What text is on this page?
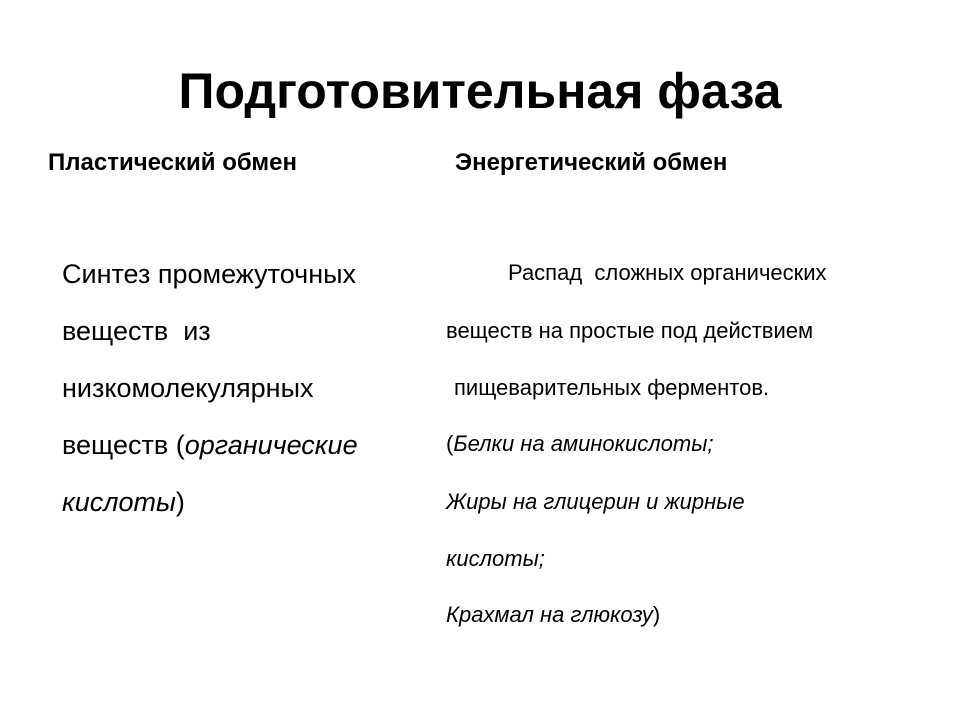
Подготовительная фаза
Пластический обмен	Энергетический обмен
Синтез промежуточных
веществ  из
низкомолекулярных
веществ (органические
кислоты)
Распад  сложных органических
веществ на простые под действием
пищеварительных ферментов.
(Белки на аминокислоты;
Жиры на глицерин и жирные
кислоты;
Крахмал на глюкозу)
